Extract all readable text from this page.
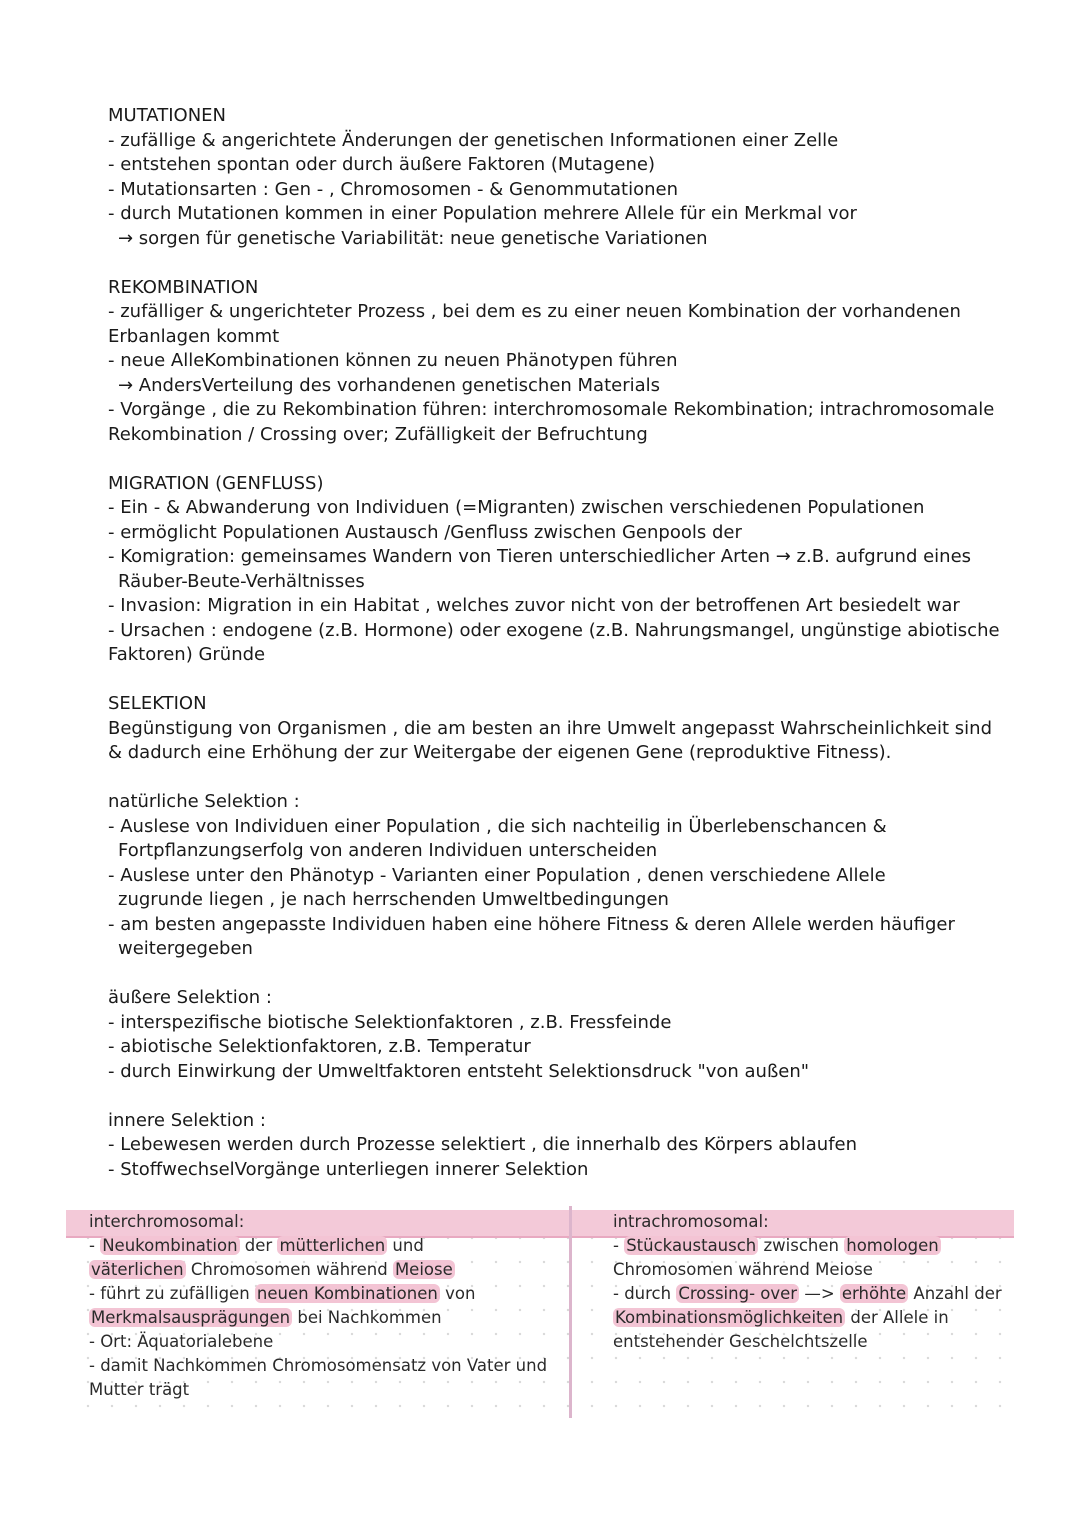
MUTATIONEN
- zufällige & angerichtete Änderungen der genetischen Informationen einer Zelle
- entstehen spontan oder durch äußere Faktoren (Mutagene)
- Mutationsarten : Gen - , Chromosomen - & Genommutationen
- durch Mutationen kommen in einer Population mehrere Allele für ein Merkmal vor
→ sorgen für genetische Variabilität: neue genetische Variationen
REKOMBINATION
- zufälliger & ungerichteter Prozess , bei dem es zu einer neuen Kombination der vorhandenen
Erbanlagen kommt
- neue AlleKombinationen können zu neuen Phänotypen führen
→ AndersVerteilung des vorhandenen genetischen Materials
- Vorgänge , die zu Rekombination führen: interchromosomale Rekombination; intrachromosomale
Rekombination / Crossing over; Zufälligkeit der Befruchtung
MIGRATION (GENFLUSS)
- Ein - & Abwanderung von Individuen (=Migranten) zwischen verschiedenen Populationen
- ermöglicht Populationen Austausch /Genfluss zwischen Genpools der
- Komigration: gemeinsames Wandern von Tieren unterschiedlicher Arten → z.B. aufgrund eines
Räuber-Beute-Verhältnisses
- Invasion: Migration in ein Habitat , welches zuvor nicht von der betroffenen Art besiedelt war
- Ursachen : endogene (z.B. Hormone) oder exogene (z.B. Nahrungsmangel, ungünstige abiotische
Faktoren) Gründe
SELEKTION
Begünstigung von Organismen , die am besten an ihre Umwelt angepasst Wahrscheinlichkeit sind
& dadurch eine Erhöhung der zur Weitergabe der eigenen Gene (reproduktive Fitness).
natürliche Selektion :
- Auslese von Individuen einer Population , die sich nachteilig in Überlebenschancen &
Fortpflanzungserfolg von anderen Individuen unterscheiden
- Auslese unter den Phänotyp - Varianten einer Population , denen verschiedene Allele
zugrunde liegen , je nach herrschenden Umweltbedingungen
- am besten angepasste Individuen haben eine höhere Fitness & deren Allele werden häufiger
weitergegeben
äußere Selektion :
- interspezifische biotische Selektionfaktoren , z.B. Fressfeinde
- abiotische Selektionfaktoren, z.B. Temperatur
- durch Einwirkung der Umweltfaktoren entsteht Selektionsdruck "von außen"
innere Selektion :
- Lebewesen werden durch Prozesse selektiert , die innerhalb des Körpers ablaufen
- StoffwechselVorgänge unterliegen innerer Selektion
interchromosomal:
- Neukombination der mütterlichen und
väterlichen Chromosomen während Meiose
- führt zu zufälligen neuen Kombinationen von
Merkmalsausprägungen bei Nachkommen
- Ort: Äquatorialebene
- damit Nachkommen Chromosomensatz von Vater und
Mutter trägt
intrachromosomal:
- Stückaustausch zwischen homologen
Chromosomen während Meiose
- durch Crossing- over —> erhöhte Anzahl der
Kombinationsmöglichkeiten der Allele in
entstehender Geschelchtszelle
